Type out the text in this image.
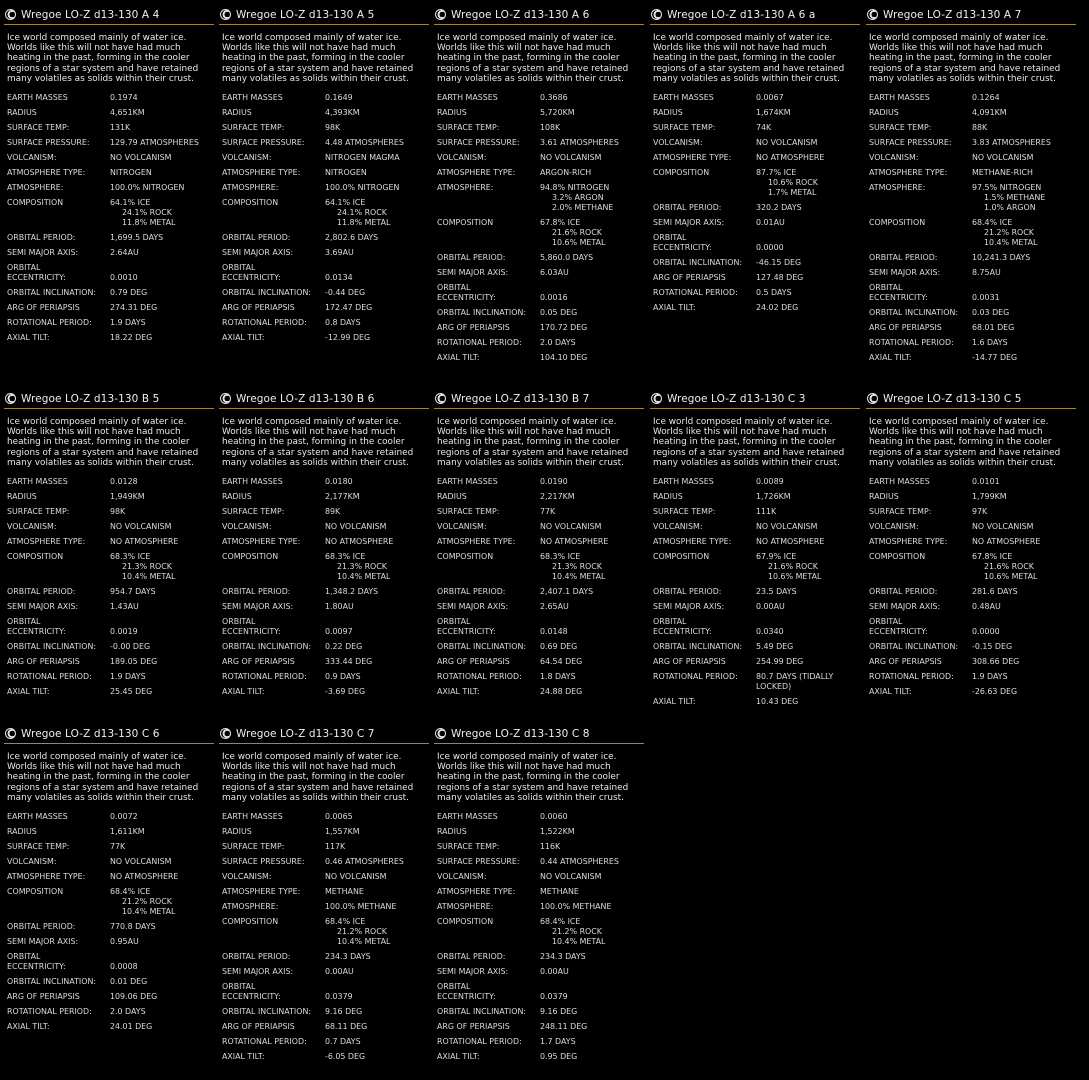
Wregoe LO-Z d13-130 A 4
Ice world composed mainly of water ice. Worlds like this will not have had much heating in the past, forming in the cooler regions of a star system and have retained many volatiles as solids within their crust.
EARTH MASSES	0.1974
RADIUS	4,651KM
SURFACE TEMP:	131K
SURFACE PRESSURE:	129.79 ATMOSPHERES
VOLCANISM:	NO VOLCANISM
ATMOSPHERE TYPE:	NITROGEN
ATMOSPHERE:	100.0% NITROGEN
COMPOSITION	64.1% ICE
24.1% ROCK
11.8% METAL
ORBITAL PERIOD:	1,699.5 DAYS
SEMI MAJOR AXIS:	2.64AU
ORBITAL ECCENTRICITY:	0.0010
ORBITAL INCLINATION:	0.79 DEG
ARG OF PERIAPSIS	274.31 DEG
ROTATIONAL PERIOD:	1.9 DAYS
AXIAL TILT:	18.22 DEG
Wregoe LO-Z d13-130 A 5
Ice world composed mainly of water ice. Worlds like this will not have had much heating in the past, forming in the cooler regions of a star system and have retained many volatiles as solids within their crust.
EARTH MASSES	0.1649
RADIUS	4,393KM
SURFACE TEMP:	98K
SURFACE PRESSURE:	4.48 ATMOSPHERES
VOLCANISM:	NITROGEN MAGMA
ATMOSPHERE TYPE:	NITROGEN
ATMOSPHERE:	100.0% NITROGEN
COMPOSITION	64.1% ICE
24.1% ROCK
11.8% METAL
ORBITAL PERIOD:	2,802.6 DAYS
SEMI MAJOR AXIS:	3.69AU
ORBITAL ECCENTRICITY:	0.0134
ORBITAL INCLINATION:	-0.44 DEG
ARG OF PERIAPSIS	172.47 DEG
ROTATIONAL PERIOD:	0.8 DAYS
AXIAL TILT:	-12.99 DEG
Wregoe LO-Z d13-130 A 6
Ice world composed mainly of water ice. Worlds like this will not have had much heating in the past, forming in the cooler regions of a star system and have retained many volatiles as solids within their crust.
EARTH MASSES	0.3686
RADIUS	5,720KM
SURFACE TEMP:	108K
SURFACE PRESSURE:	3.61 ATMOSPHERES
VOLCANISM:	NO VOLCANISM
ATMOSPHERE TYPE:	ARGON-RICH
ATMOSPHERE:	94.8% NITROGEN
3.2% ARGON
2.0% METHANE
COMPOSITION	67.8% ICE
21.6% ROCK
10.6% METAL
ORBITAL PERIOD:	5,860.0 DAYS
SEMI MAJOR AXIS:	6.03AU
ORBITAL ECCENTRICITY:	0.0016
ORBITAL INCLINATION:	0.05 DEG
ARG OF PERIAPSIS	170.72 DEG
ROTATIONAL PERIOD:	2.0 DAYS
AXIAL TILT:	104.10 DEG
Wregoe LO-Z d13-130 A 6 a
Ice world composed mainly of water ice. Worlds like this will not have had much heating in the past, forming in the cooler regions of a star system and have retained many volatiles as solids within their crust.
EARTH MASSES	0.0067
RADIUS	1,674KM
SURFACE TEMP:	74K
VOLCANISM:	NO VOLCANISM
ATMOSPHERE TYPE:	NO ATMOSPHERE
COMPOSITION	87.7% ICE
10.6% ROCK
1.7% METAL
ORBITAL PERIOD:	320.2 DAYS
SEMI MAJOR AXIS:	0.01AU
ORBITAL ECCENTRICITY:	0.0000
ORBITAL INCLINATION:	-46.15 DEG
ARG OF PERIAPSIS	127.48 DEG
ROTATIONAL PERIOD:	0.5 DAYS
AXIAL TILT:	24.02 DEG
Wregoe LO-Z d13-130 A 7
Ice world composed mainly of water ice. Worlds like this will not have had much heating in the past, forming in the cooler regions of a star system and have retained many volatiles as solids within their crust.
EARTH MASSES	0.1264
RADIUS	4,091KM
SURFACE TEMP:	88K
SURFACE PRESSURE:	3.83 ATMOSPHERES
VOLCANISM:	NO VOLCANISM
ATMOSPHERE TYPE:	METHANE-RICH
ATMOSPHERE:	97.5% NITROGEN
1.5% METHANE
1.0% ARGON
COMPOSITION	68.4% ICE
21.2% ROCK
10.4% METAL
ORBITAL PERIOD:	10,241.3 DAYS
SEMI MAJOR AXIS:	8.75AU
ORBITAL ECCENTRICITY:	0.0031
ORBITAL INCLINATION:	0.03 DEG
ARG OF PERIAPSIS	68.01 DEG
ROTATIONAL PERIOD:	1.6 DAYS
AXIAL TILT:	-14.77 DEG
Wregoe LO-Z d13-130 B 5
Ice world composed mainly of water ice. Worlds like this will not have had much heating in the past, forming in the cooler regions of a star system and have retained many volatiles as solids within their crust.
EARTH MASSES	0.0128
RADIUS	1,949KM
SURFACE TEMP:	98K
VOLCANISM:	NO VOLCANISM
ATMOSPHERE TYPE:	NO ATMOSPHERE
COMPOSITION	68.3% ICE
21.3% ROCK
10.4% METAL
ORBITAL PERIOD:	954.7 DAYS
SEMI MAJOR AXIS:	1.43AU
ORBITAL ECCENTRICITY:	0.0019
ORBITAL INCLINATION:	-0.00 DEG
ARG OF PERIAPSIS	189.05 DEG
ROTATIONAL PERIOD:	1.9 DAYS
AXIAL TILT:	25.45 DEG
Wregoe LO-Z d13-130 B 6
Ice world composed mainly of water ice. Worlds like this will not have had much heating in the past, forming in the cooler regions of a star system and have retained many volatiles as solids within their crust.
EARTH MASSES	0.0180
RADIUS	2,177KM
SURFACE TEMP:	89K
VOLCANISM:	NO VOLCANISM
ATMOSPHERE TYPE:	NO ATMOSPHERE
COMPOSITION	68.3% ICE
21.3% ROCK
10.4% METAL
ORBITAL PERIOD:	1,348.2 DAYS
SEMI MAJOR AXIS:	1.80AU
ORBITAL ECCENTRICITY:	0.0097
ORBITAL INCLINATION:	0.22 DEG
ARG OF PERIAPSIS	333.44 DEG
ROTATIONAL PERIOD:	0.9 DAYS
AXIAL TILT:	-3.69 DEG
Wregoe LO-Z d13-130 B 7
Ice world composed mainly of water ice. Worlds like this will not have had much heating in the past, forming in the cooler regions of a star system and have retained many volatiles as solids within their crust.
EARTH MASSES	0.0190
RADIUS	2,217KM
SURFACE TEMP:	77K
VOLCANISM:	NO VOLCANISM
ATMOSPHERE TYPE:	NO ATMOSPHERE
COMPOSITION	68.3% ICE
21.3% ROCK
10.4% METAL
ORBITAL PERIOD:	2,407.1 DAYS
SEMI MAJOR AXIS:	2.65AU
ORBITAL ECCENTRICITY:	0.0148
ORBITAL INCLINATION:	0.69 DEG
ARG OF PERIAPSIS	64.54 DEG
ROTATIONAL PERIOD:	1.8 DAYS
AXIAL TILT:	24.88 DEG
Wregoe LO-Z d13-130 C 3
Ice world composed mainly of water ice. Worlds like this will not have had much heating in the past, forming in the cooler regions of a star system and have retained many volatiles as solids within their crust.
EARTH MASSES	0.0089
RADIUS	1,726KM
SURFACE TEMP:	111K
VOLCANISM:	NO VOLCANISM
ATMOSPHERE TYPE:	NO ATMOSPHERE
COMPOSITION	67.9% ICE
21.6% ROCK
10.6% METAL
ORBITAL PERIOD:	23.5 DAYS
SEMI MAJOR AXIS:	0.00AU
ORBITAL ECCENTRICITY:	0.0340
ORBITAL INCLINATION:	5.49 DEG
ARG OF PERIAPSIS	254.99 DEG
ROTATIONAL PERIOD:	80.7 DAYS (TIDALLY LOCKED)
AXIAL TILT:	10.43 DEG
Wregoe LO-Z d13-130 C 5
Ice world composed mainly of water ice. Worlds like this will not have had much heating in the past, forming in the cooler regions of a star system and have retained many volatiles as solids within their crust.
EARTH MASSES	0.0101
RADIUS	1,799KM
SURFACE TEMP:	97K
VOLCANISM:	NO VOLCANISM
ATMOSPHERE TYPE:	NO ATMOSPHERE
COMPOSITION	67.8% ICE
21.6% ROCK
10.6% METAL
ORBITAL PERIOD:	281.6 DAYS
SEMI MAJOR AXIS:	0.48AU
ORBITAL ECCENTRICITY:	0.0000
ORBITAL INCLINATION:	-0.15 DEG
ARG OF PERIAPSIS	308.66 DEG
ROTATIONAL PERIOD:	1.9 DAYS
AXIAL TILT:	-26.63 DEG
Wregoe LO-Z d13-130 C 6
Ice world composed mainly of water ice. Worlds like this will not have had much heating in the past, forming in the cooler regions of a star system and have retained many volatiles as solids within their crust.
EARTH MASSES	0.0072
RADIUS	1,611KM
SURFACE TEMP:	77K
VOLCANISM:	NO VOLCANISM
ATMOSPHERE TYPE:	NO ATMOSPHERE
COMPOSITION	68.4% ICE
21.2% ROCK
10.4% METAL
ORBITAL PERIOD:	770.8 DAYS
SEMI MAJOR AXIS:	0.95AU
ORBITAL ECCENTRICITY:	0.0008
ORBITAL INCLINATION:	0.01 DEG
ARG OF PERIAPSIS	109.06 DEG
ROTATIONAL PERIOD:	2.0 DAYS
AXIAL TILT:	24.01 DEG
Wregoe LO-Z d13-130 C 7
Ice world composed mainly of water ice. Worlds like this will not have had much heating in the past, forming in the cooler regions of a star system and have retained many volatiles as solids within their crust.
EARTH MASSES	0.0065
RADIUS	1,557KM
SURFACE TEMP:	117K
SURFACE PRESSURE:	0.46 ATMOSPHERES
VOLCANISM:	NO VOLCANISM
ATMOSPHERE TYPE:	METHANE
ATMOSPHERE:	100.0% METHANE
COMPOSITION	68.4% ICE
21.2% ROCK
10.4% METAL
ORBITAL PERIOD:	234.3 DAYS
SEMI MAJOR AXIS:	0.00AU
ORBITAL ECCENTRICITY:	0.0379
ORBITAL INCLINATION:	9.16 DEG
ARG OF PERIAPSIS	68.11 DEG
ROTATIONAL PERIOD:	0.7 DAYS
AXIAL TILT:	-6.05 DEG
Wregoe LO-Z d13-130 C 8
Ice world composed mainly of water ice. Worlds like this will not have had much heating in the past, forming in the cooler regions of a star system and have retained many volatiles as solids within their crust.
EARTH MASSES	0.0060
RADIUS	1,522KM
SURFACE TEMP:	116K
SURFACE PRESSURE:	0.44 ATMOSPHERES
VOLCANISM:	NO VOLCANISM
ATMOSPHERE TYPE:	METHANE
ATMOSPHERE:	100.0% METHANE
COMPOSITION	68.4% ICE
21.2% ROCK
10.4% METAL
ORBITAL PERIOD:	234.3 DAYS
SEMI MAJOR AXIS:	0.00AU
ORBITAL ECCENTRICITY:	0.0379
ORBITAL INCLINATION:	9.16 DEG
ARG OF PERIAPSIS	248.11 DEG
ROTATIONAL PERIOD:	1.7 DAYS
AXIAL TILT:	0.95 DEG
